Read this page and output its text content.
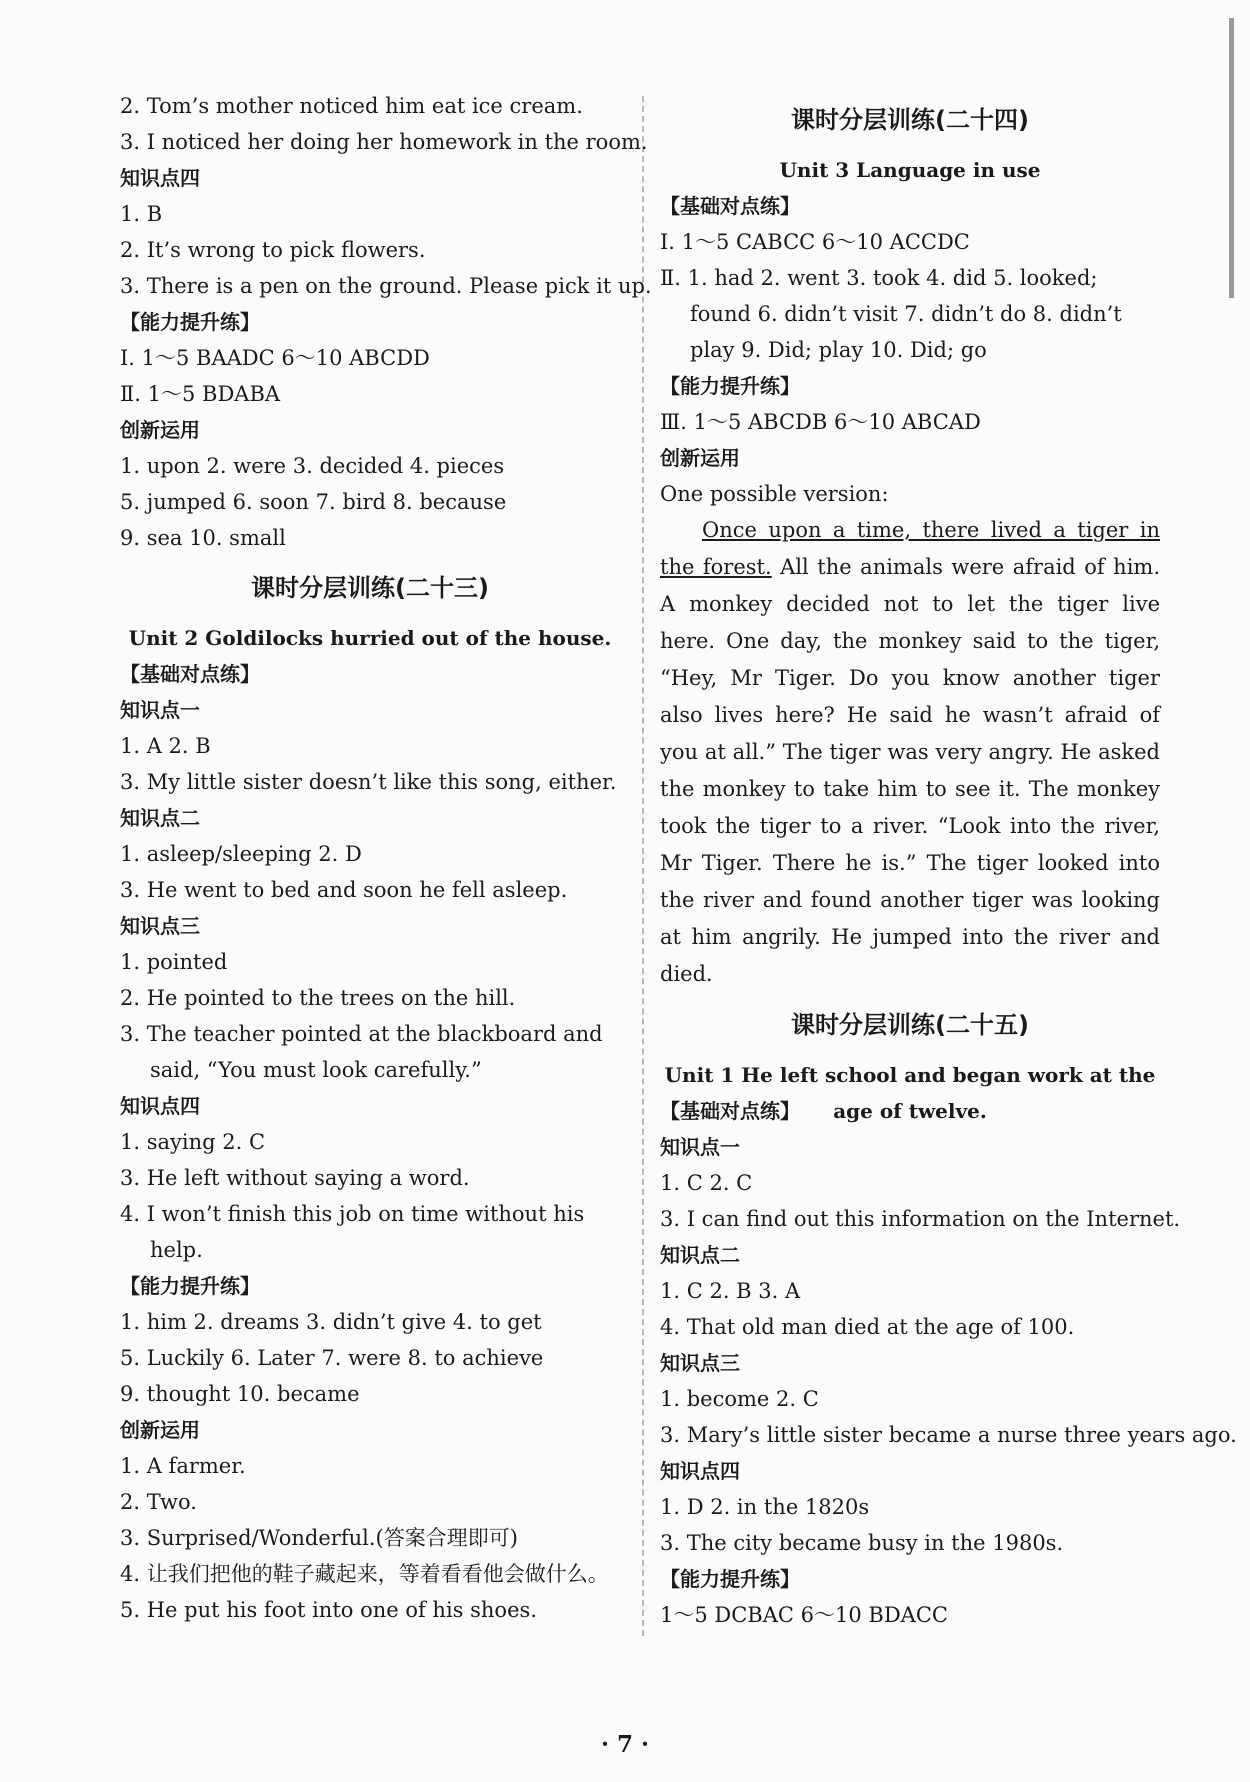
2. Tom’s mother noticed him eat ice cream.
3. I noticed her doing her homework in the room.
知识点四
1. B
2. It’s wrong to pick flowers.
3. There is a pen on the ground. Please pick it up.
【能力提升练】
Ⅰ. 1～5 BAADC 6～10 ABCDD
Ⅱ. 1～5 BDABA
创新运用
1. upon 2. were 3. decided 4. pieces
5. jumped 6. soon 7. bird 8. because
9. sea 10. small
课时分层训练(二十三)
Unit 2 Goldilocks hurried out of the house.
【基础对点练】
知识点一
1. A 2. B
3. My little sister doesn’t like this song, either.
知识点二
1. asleep/sleeping 2. D
3. He went to bed and soon he fell asleep.
知识点三
1. pointed
2. He pointed to the trees on the hill.
3. The teacher pointed at the blackboard and said, “You must look carefully.”
知识点四
1. saying 2. C
3. He left without saying a word.
4. I won’t finish this job on time without his help.
【能力提升练】
1. him 2. dreams 3. didn’t give 4. to get
5. Luckily 6. Later 7. were 8. to achieve
9. thought 10. became
创新运用
1. A farmer.
2. Two.
3. Surprised/Wonderful.(答案合理即可)
4. 让我们把他的鞋子藏起来，等着看看他会做什么。
5. He put his foot into one of his shoes.
课时分层训练(二十四)
Unit 3 Language in use
【基础对点练】
Ⅰ. 1～5 CABCC 6～10 ACCDC
Ⅱ. 1. had 2. went 3. took 4. did 5. looked; found 6. didn’t visit 7. didn’t do 8. didn’t play 9. Did; play 10. Did; go
【能力提升练】
Ⅲ. 1～5 ABCDB 6～10 ABCAD
创新运用
One possible version:
  Once upon a time, there lived a tiger in the forest. All the animals were afraid of him. A monkey decided not to let the tiger live here. One day, the monkey said to the tiger, “Hey, Mr Tiger. Do you know another tiger also lives here? He said he wasn’t afraid of you at all.” The tiger was very angry. He asked the monkey to take him to see it. The monkey took the tiger to a river. “Look into the river, Mr Tiger. There he is.” The tiger looked into the river and found another tiger was looking at him angrily. He jumped into the river and died.
课时分层训练(二十五)
Unit 1 He left school and began work at the age of twelve.
【基础对点练】
知识点一
1. C 2. C
3. I can find out this information on the Internet.
知识点二
1. C 2. B 3. A
4. That old man died at the age of 100.
知识点三
1. become 2. C
3. Mary’s little sister became a nurse three years ago.
知识点四
1. D 2. in the 1820s
3. The city became busy in the 1980s.
【能力提升练】
1～5 DCBAC 6～10 BDACC
· 7 ·
